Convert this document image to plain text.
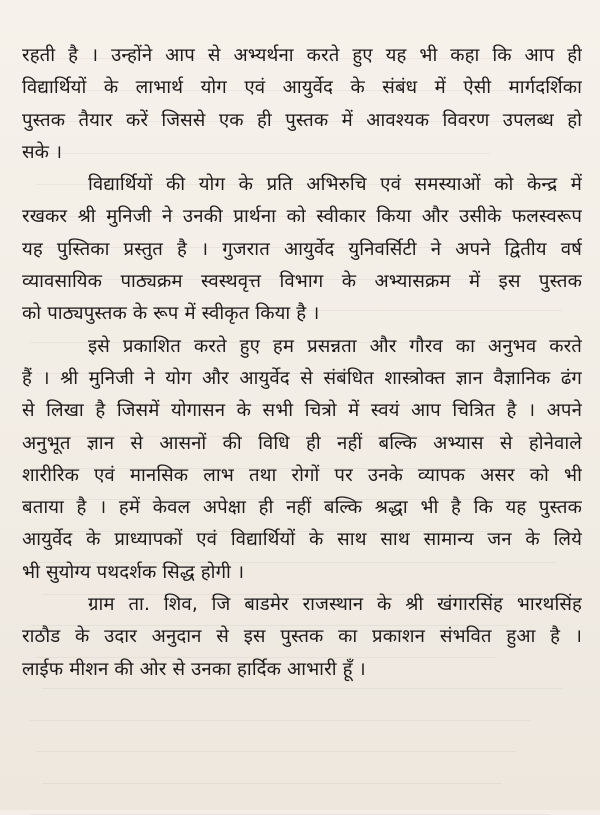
रहती है । उन्होंने आप से अभ्यर्थना करते हुए यह भी कहा कि आप ही
विद्यार्थियों के लाभार्थ योग एवं आयुर्वेद के संबंध में ऐसी मार्गदर्शिका
पुस्तक तैयार करें जिससे एक ही पुस्तक में आवश्यक विवरण उपलब्ध हो
सके ।
विद्यार्थियों की योग के प्रति अभिरुचि एवं समस्याओं को केन्द्र में
रखकर श्री मुनिजी ने उनकी प्रार्थना को स्वीकार किया और उसीके फलस्वरूप
यह पुस्तिका प्रस्तुत है । गुजरात आयुर्वेद युनिवर्सिटी ने अपने द्वितीय वर्ष
व्यावसायिक पाठ्यक्रम स्वस्थवृत्त विभाग के अभ्यासक्रम में इस पुस्तक
को पाठ्यपुस्तक के रूप में स्वीकृत किया है ।
इसे प्रकाशित करते हुए हम प्रसन्नता और गौरव का अनुभव करते
हैं । श्री मुनिजी ने योग और आयुर्वेद से संबंधित शास्त्रोक्त ज्ञान वैज्ञानिक ढंग
से लिखा है जिसमें योगासन के सभी चित्रो में स्वयं आप चित्रित है । अपने
अनुभूत ज्ञान से आसनों की विधि ही नहीं बल्कि अभ्यास से होनेवाले
शारीरिक एवं मानसिक लाभ तथा रोगों पर उनके व्यापक असर को भी
बताया है । हमें केवल अपेक्षा ही नहीं बल्कि श्रद्धा भी है कि यह पुस्तक
आयुर्वेद के प्राध्यापकों एवं विद्यार्थियों के साथ साथ सामान्य जन के लिये
भी सुयोग्य पथदर्शक सिद्ध होगी ।
ग्राम ता. शिव, जि बाडमेर राजस्थान के श्री खंगारसिंह भारथसिंह
राठौड के उदार अनुदान से इस पुस्तक का प्रकाशन संभवित हुआ है ।
लाईफ मीशन की ओर से उनका हार्दिक आभारी हूँ ।
